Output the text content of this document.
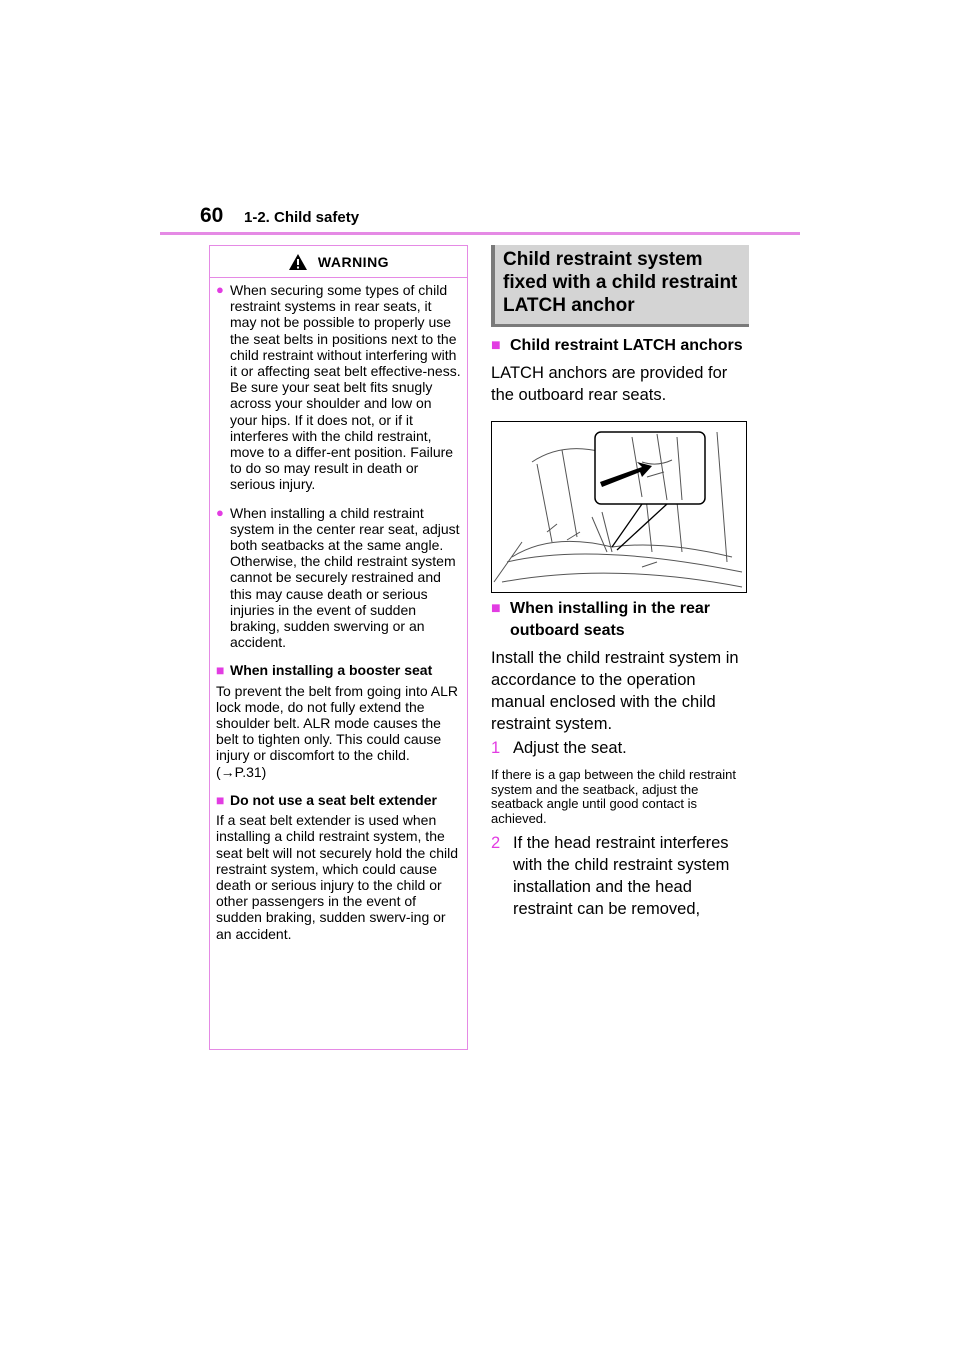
60 1-2. Child safety
WARNING
● When securing some types of child restraint systems in rear seats, it may not be possible to properly use the seat belts in positions next to the child restraint without interfering with it or affecting seat belt effective-ness. Be sure your seat belt fits snugly across your shoulder and low on your hips. If it does not, or if it interferes with the child restraint, move to a differ-ent position. Failure to do so may result in death or serious injury.
● When installing a child restraint system in the center rear seat, adjust both seatbacks at the same angle. Otherwise, the child restraint system cannot be securely restrained and this may cause death or serious injuries in the event of sudden braking, sudden swerving or an accident.
■ When installing a booster seat
To prevent the belt from going into ALR lock mode, do not fully extend the shoulder belt. ALR mode causes the belt to tighten only. This could cause injury or discomfort to the child. (→P.31)
■ Do not use a seat belt extender
If a seat belt extender is used when installing a child restraint system, the seat belt will not securely hold the child restraint system, which could cause death or serious injury to the child or other passengers in the event of sudden braking, sudden swerv-ing or an accident.
Child restraint system fixed with a child restraint LATCH anchor
■ Child restraint LATCH anchors
LATCH anchors are provided for the outboard rear seats.
■ When installing in the rear outboard seats
Install the child restraint system in accordance to the operation manual enclosed with the child restraint system.
1 Adjust the seat.
If there is a gap between the child restraint system and the seatback, adjust the seatback angle until good contact is achieved.
2 If the head restraint interferes with the child restraint system installation and the head restraint can be removed,
